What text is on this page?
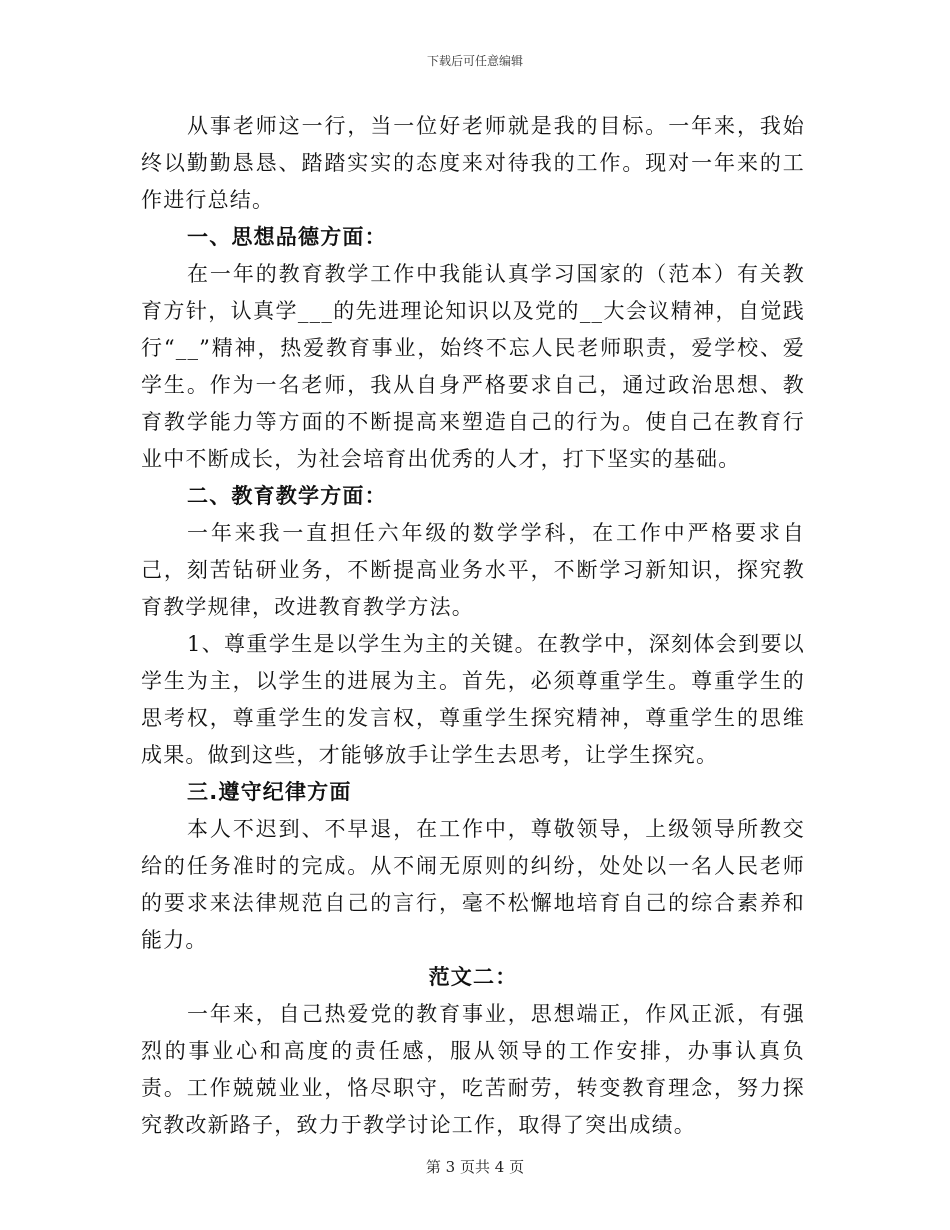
下载后可任意编辑

从事老师这一行，当一位好老师就是我的目标。一年来，我始终以勤勤恳恳、踏踏实实的态度来对待我的工作。现对一年来的工作进行总结。

一、思想品德方面：

在一年的教育教学工作中我能认真学习国家的（范本）有关教育方针，认真学___的先进理论知识以及党的__大会议精神，自觉践行“__”精神，热爱教育事业，始终不忘人民老师职责，爱学校、爱学生。作为一名老师，我从自身严格要求自己，通过政治思想、教育教学能力等方面的不断提高来塑造自己的行为。使自己在教育行业中不断成长，为社会培育出优秀的人才，打下坚实的基础。

二、教育教学方面：

一年来我一直担任六年级的数学学科，在工作中严格要求自己，刻苦钻研业务，不断提高业务水平，不断学习新知识，探究教育教学规律，改进教育教学方法。

1、尊重学生是以学生为主的关键。在教学中，深刻体会到要以学生为主，以学生的进展为主。首先，必须尊重学生。尊重学生的思考权，尊重学生的发言权，尊重学生探究精神，尊重学生的思维成果。做到这些，才能够放手让学生去思考，让学生探究。

三.遵守纪律方面

本人不迟到、不早退，在工作中，尊敬领导，上级领导所教交给的任务准时的完成。从不闹无原则的纠纷，处处以一名人民老师的要求来法律规范自己的言行，毫不松懈地培育自己的综合素养和能力。

范文二：

一年来，自己热爱党的教育事业，思想端正，作风正派，有强烈的事业心和高度的责任感，服从领导的工作安排，办事认真负责。工作兢兢业业，恪尽职守，吃苦耐劳，转变教育理念，努力探究教改新路子，致力于教学讨论工作，取得了突出成绩。

第 3 页共 4 页
